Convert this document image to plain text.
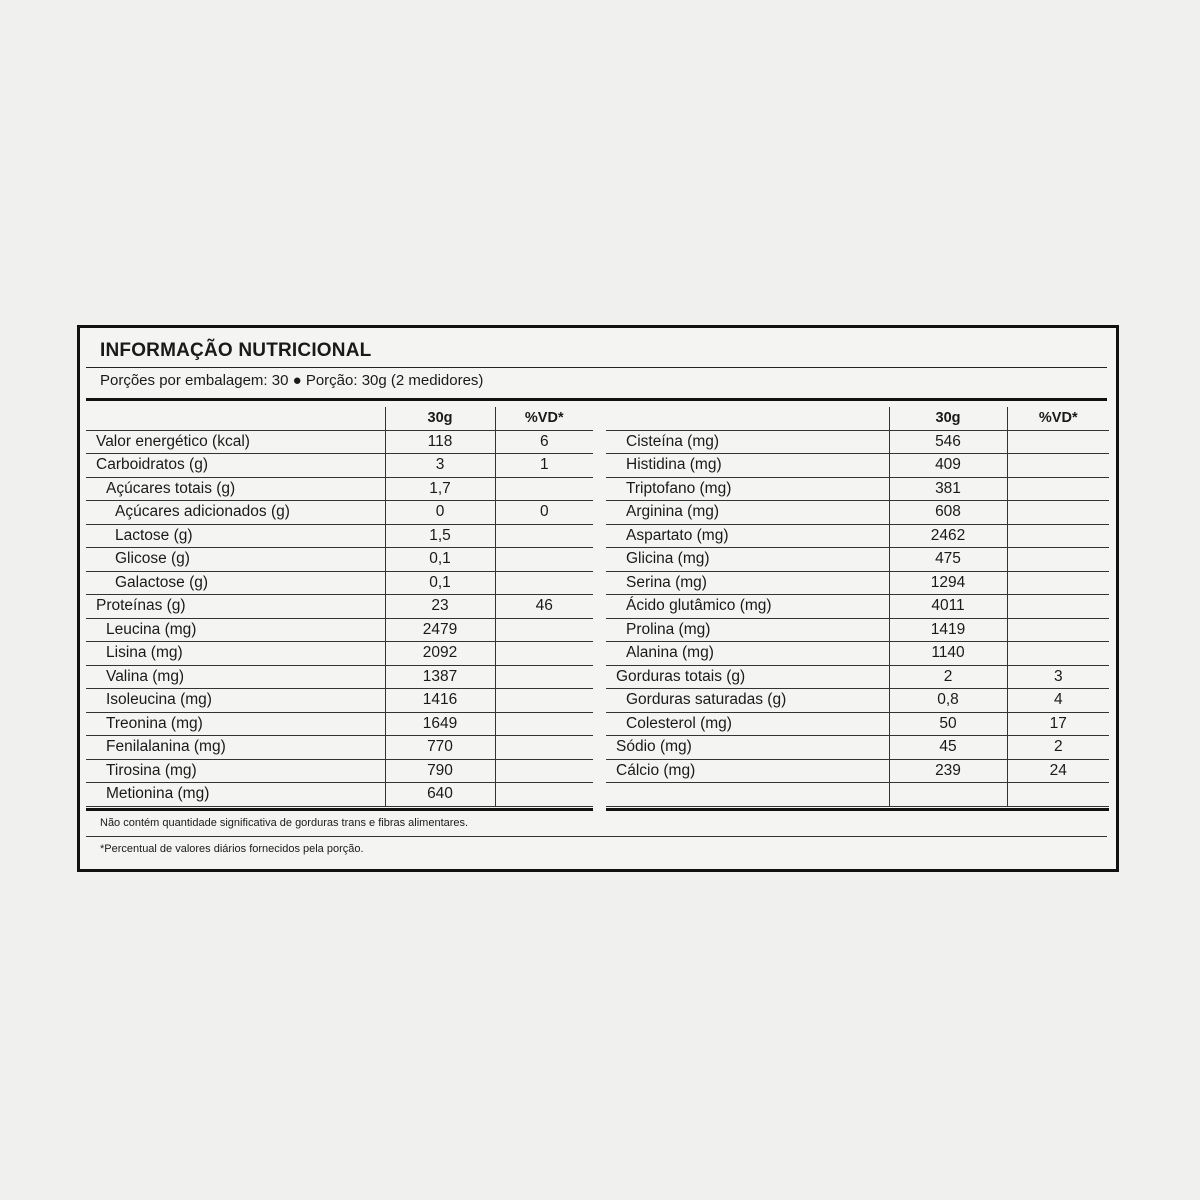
INFORMAÇÃO NUTRICIONAL
Porções por embalagem: 30 ● Porção: 30g (2 medidores)
	30g	%VD*
Valor energético (kcal)	118	6
Carboidratos (g)	3	1
Açúcares totais (g)	1,7	
Açúcares adicionados (g)	0	0
Lactose (g)	1,5	
Glicose (g)	0,1	
Galactose (g)	0,1	
Proteínas (g)	23	46
Leucina (mg)	2479	
Lisina (mg)	2092	
Valina (mg)	1387	
Isoleucina (mg)	1416	
Treonina (mg)	1649	
Fenilalanina (mg)	770	
Tirosina (mg)	790	
Metionina (mg)	640	
	30g	%VD*
Cisteína (mg)	546	
Histidina (mg)	409	
Triptofano (mg)	381	
Arginina (mg)	608	
Aspartato (mg)	2462	
Glicina (mg)	475	
Serina (mg)	1294	
Ácido glutâmico (mg)	4011	
Prolina (mg)	1419	
Alanina (mg)	1140	
Gorduras totais (g)	2	3
Gorduras saturadas (g)	0,8	4
Colesterol (mg)	50	17
Sódio (mg)	45	2
Cálcio (mg)	239	24

Não contém quantidade significativa de gorduras trans e fibras alimentares.
*Percentual de valores diários fornecidos pela porção.
